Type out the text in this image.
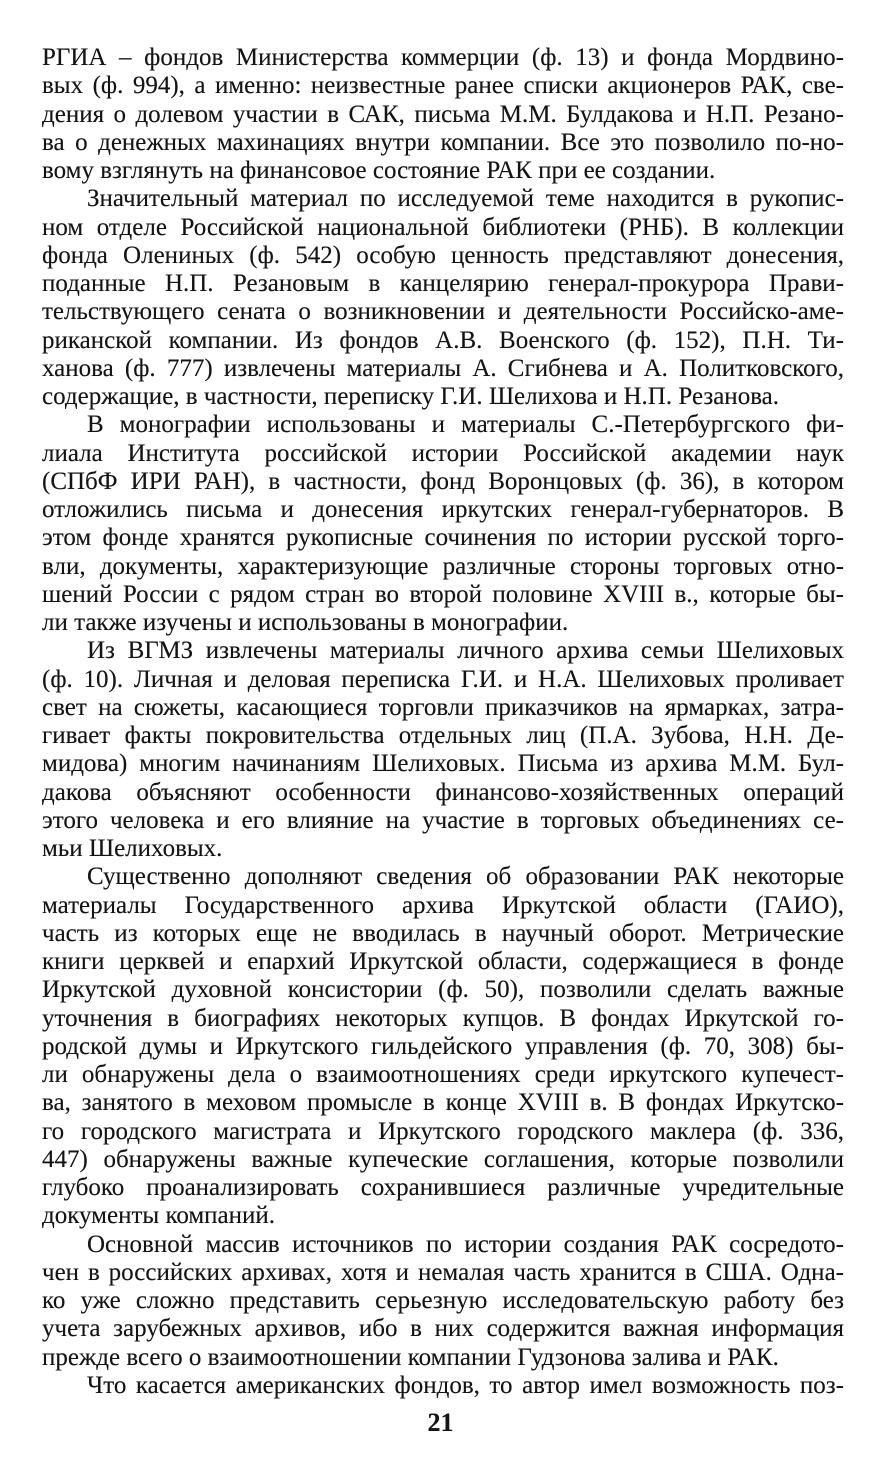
РГИА – фондов Министерства коммерции (ф. 13) и фонда Мордвино-
вых (ф. 994), а именно: неизвестные ранее списки акционеров РАК, све-
дения о долевом участии в САК, письма М.М. Булдакова и Н.П. Резано-
ва о денежных махинациях внутри компании. Все это позволило по-но-
вому взглянуть на финансовое состояние РАК при ее создании.

Значительный материал по исследуемой теме находится в рукопис-
ном отделе Российской национальной библиотеки (РНБ). В коллекции
фонда Олениных (ф. 542) особую ценность представляют донесения,
поданные Н.П. Резановым в канцелярию генерал-прокурора Прави-
тельствующего сената о возникновении и деятельности Российско-аме-
риканской компании. Из фондов А.В. Военского (ф. 152), П.Н. Ти-
ханова (ф. 777) извлечены материалы А. Сгибнева и А. Политковского,
содержащие, в частности, переписку Г.И. Шелихова и Н.П. Резанова.

В монографии использованы и материалы С.-Петербургского фи-
лиала Института российской истории Российской академии наук
(СПбФ ИРИ РАН), в частности, фонд Воронцовых (ф. 36), в котором
отложились письма и донесения иркутских генерал-губернаторов. В
этом фонде хранятся рукописные сочинения по истории русской торго-
вли, документы, характеризующие различные стороны торговых отно-
шений России с рядом стран во второй половине XVIII в., которые бы-
ли также изучены и использованы в монографии.

Из ВГМЗ извлечены материалы личного архива семьи Шелиховых
(ф. 10). Личная и деловая переписка Г.И. и Н.А. Шелиховых проливает
свет на сюжеты, касающиеся торговли приказчиков на ярмарках, затра-
гивает факты покровительства отдельных лиц (П.А. Зубова, Н.Н. Де-
мидова) многим начинаниям Шелиховых. Письма из архива М.М. Бул-
дакова объясняют особенности финансово-хозяйственных операций
этого человека и его влияние на участие в торговых объединениях се-
мьи Шелиховых.

Существенно дополняют сведения об образовании РАК некоторые
материалы Государственного архива Иркутской области (ГАИО),
часть из которых еще не вводилась в научный оборот. Метрические
книги церквей и епархий Иркутской области, содержащиеся в фонде
Иркутской духовной консистории (ф. 50), позволили сделать важные
уточнения в биографиях некоторых купцов. В фондах Иркутской го-
родской думы и Иркутского гильдейского управления (ф. 70, 308) бы-
ли обнаружены дела о взаимоотношениях среди иркутского купечест-
ва, занятого в меховом промысле в конце XVIII в. В фондах Иркутско-
го городского магистрата и Иркутского городского маклера (ф. 336,
447) обнаружены важные купеческие соглашения, которые позволили
глубоко проанализировать сохранившиеся различные учредительные
документы компаний.

Основной массив источников по истории создания РАК сосредото-
чен в российских архивах, хотя и немалая часть хранится в США. Одна-
ко уже сложно представить серьезную исследовательскую работу без
учета зарубежных архивов, ибо в них содержится важная информация
прежде всего о взаимоотношении компании Гудзонова залива и РАК.

Что касается американских фондов, то автор имел возможность поз-

21
